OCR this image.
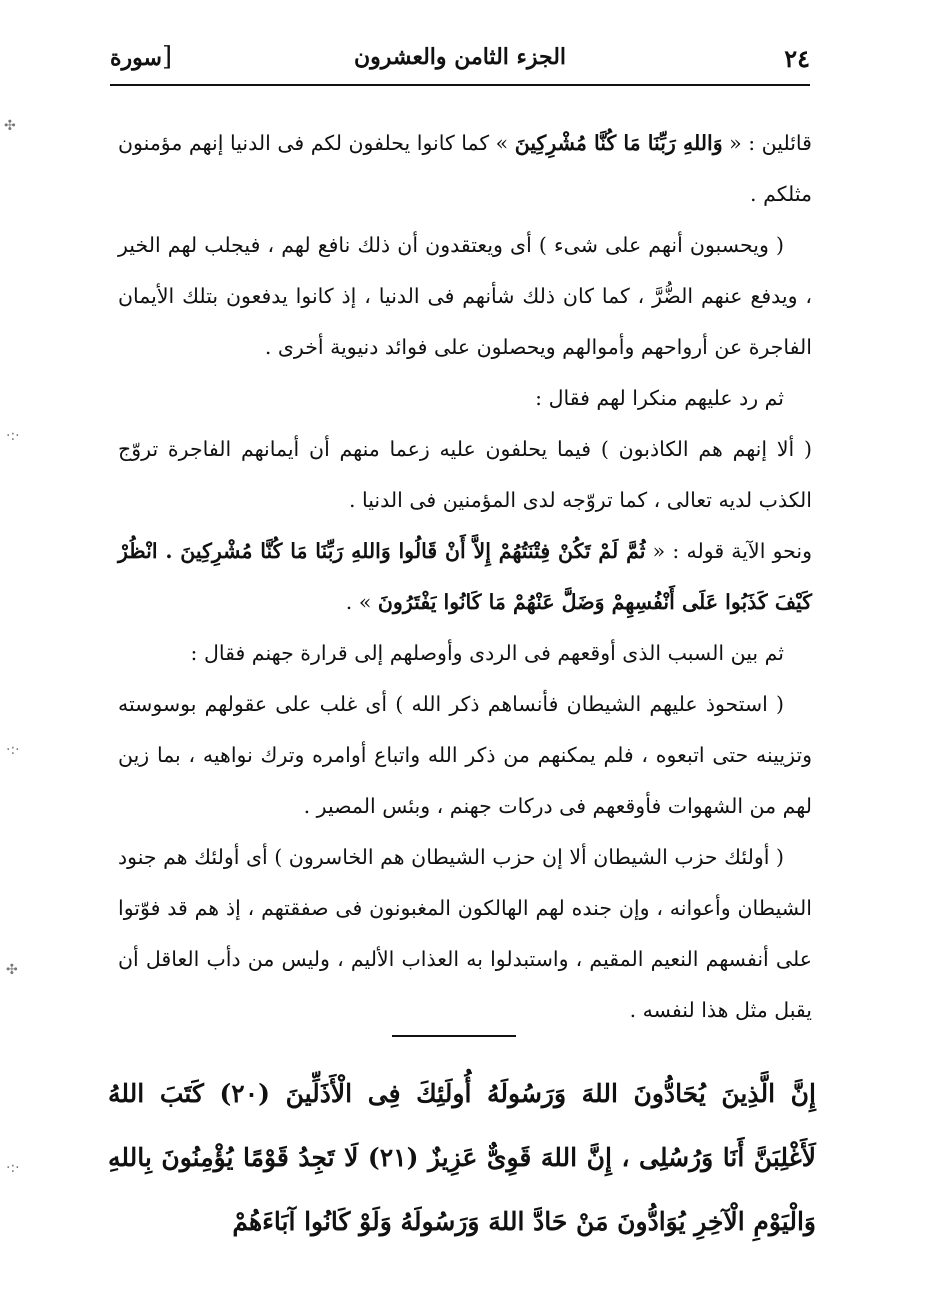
٢٤
الجزء الثامن والعشرون
[سورة

قائلين : « وَاللهِ رَبِّنَا مَا كُنَّا مُشْرِكِينَ » كما كانوا يحلفون لكم فى الدنيا إنهم مؤمنون مثلكم .

( ويحسبون أنهم على شىء ) أى ويعتقدون أن ذلك نافع لهم ، فيجلب لهم الخير ، ويدفع عنهم الضُّرَّ ، كما كان ذلك شأنهم فى الدنيا ، إذ كانوا يدفعون بتلك الأيمان الفاجرة عن أرواحهم وأموالهم ويحصلون على فوائد دنيوية أخرى .

ثم رد عليهم منكرا لهم فقال :

( ألا إنهم هم الكاذبون ) فيما يحلفون عليه زعما منهم أن أيمانهم الفاجرة تروّج الكذب لديه تعالى ، كما تروّجه لدى المؤمنين فى الدنيا .

ونحو الآية قوله : « ثُمَّ لَمْ تَكُنْ فِتْنَتُهُمْ إِلاَّ أَنْ قَالُوا وَاللهِ رَبِّنَا مَا كُنَّا مُشْرِكِينَ . انْظُرْ كَيْفَ كَذَبُوا عَلَى أَنْفُسِهِمْ وَضَلَّ عَنْهُمْ مَا كَانُوا يَفْتَرُونَ » .

ثم بين السبب الذى أوقعهم فى الردى وأوصلهم إلى قرارة جهنم فقال :

( استحوذ عليهم الشيطان فأنساهم ذكر الله ) أى غلب على عقولهم بوسوسته وتزيينه حتى اتبعوه ، فلم يمكنهم من ذكر الله واتباع أوامره وترك نواهيه ، بما زين لهم من الشهوات فأوقعهم فى دركات جهنم ، وبئس المصير .

( أولئك حزب الشيطان ألا إن حزب الشيطان هم الخاسرون ) أى أولئك هم جنود الشيطان وأعوانه ، وإن جنده لهم الهالكون المغبونون فى صفقتهم ، إذ هم قد فوّتوا على أنفسهم النعيم المقيم ، واستبدلوا به العذاب الأليم ، وليس من دأب العاقل أن يقبل مثل هذا لنفسه .

إِنَّ الَّذِينَ يُحَادُّونَ اللهَ وَرَسُولَهُ أُولَئِكَ فِى الْأَذَلِّينَ (٢٠) كَتَبَ اللهُ لَأَغْلِبَنَّ أَنَا وَرُسُلِى ، إِنَّ اللهَ قَوِىٌّ عَزِيزٌ (٢١) لَا تَجِدُ قَوْمًا يُؤْمِنُونَ بِاللهِ وَالْيَوْمِ الْآخِرِ يُوَادُّونَ مَنْ حَادَّ اللهَ وَرَسُولَهُ وَلَوْ كَانُوا آبَاءَهُمْ

✣
·:·
·:·
✣
·:·
